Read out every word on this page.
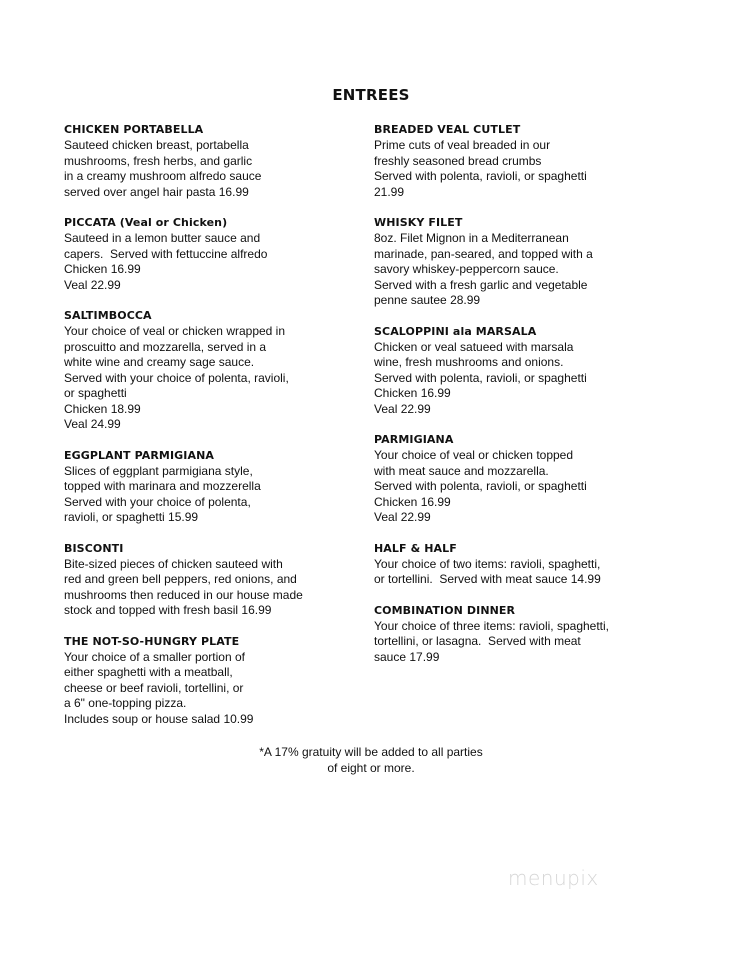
ENTREES
CHICKEN PORTABELLA
Sauteed chicken breast, portabella
mushrooms, fresh herbs, and garlic
in a creamy mushroom alfredo sauce
served over angel hair pasta 16.99
PICCATA (Veal or Chicken)
Sauteed in a lemon butter sauce and
capers.  Served with fettuccine alfredo
Chicken 16.99
Veal 22.99
SALTIMBOCCA
Your choice of veal or chicken wrapped in
proscuitto and mozzarella, served in a
white wine and creamy sage sauce.
Served with your choice of polenta, ravioli,
or spaghetti
Chicken 18.99
Veal 24.99
EGGPLANT PARMIGIANA
Slices of eggplant parmigiana style,
topped with marinara and mozzerella
Served with your choice of polenta,
ravioli, or spaghetti 15.99
BISCONTI
Bite-sized pieces of chicken sauteed with
red and green bell peppers, red onions, and
mushrooms then reduced in our house made
stock and topped with fresh basil 16.99
THE NOT-SO-HUNGRY PLATE
Your choice of a smaller portion of
either spaghetti with a meatball,
cheese or beef ravioli, tortellini, or
a 6" one-topping pizza.
Includes soup or house salad 10.99
BREADED VEAL CUTLET
Prime cuts of veal breaded in our
freshly seasoned bread crumbs
Served with polenta, ravioli, or spaghetti
21.99
WHISKY FILET
8oz. Filet Mignon in a Mediterranean
marinade, pan-seared, and topped with a
savory whiskey-peppercorn sauce.
Served with a fresh garlic and vegetable
penne sautee 28.99
SCALOPPINI ala MARSALA
Chicken or veal satueed with marsala
wine, fresh mushrooms and onions.
Served with polenta, ravioli, or spaghetti
Chicken 16.99
Veal 22.99
PARMIGIANA
Your choice of veal or chicken topped
with meat sauce and mozzarella.
Served with polenta, ravioli, or spaghetti
Chicken 16.99
Veal 22.99
HALF & HALF
Your choice of two items: ravioli, spaghetti,
or tortellini.  Served with meat sauce 14.99
COMBINATION DINNER
Your choice of three items: ravioli, spaghetti,
tortellini, or lasagna.  Served with meat
sauce 17.99
*A 17% gratuity will be added to all parties
of eight or more.
menupix
